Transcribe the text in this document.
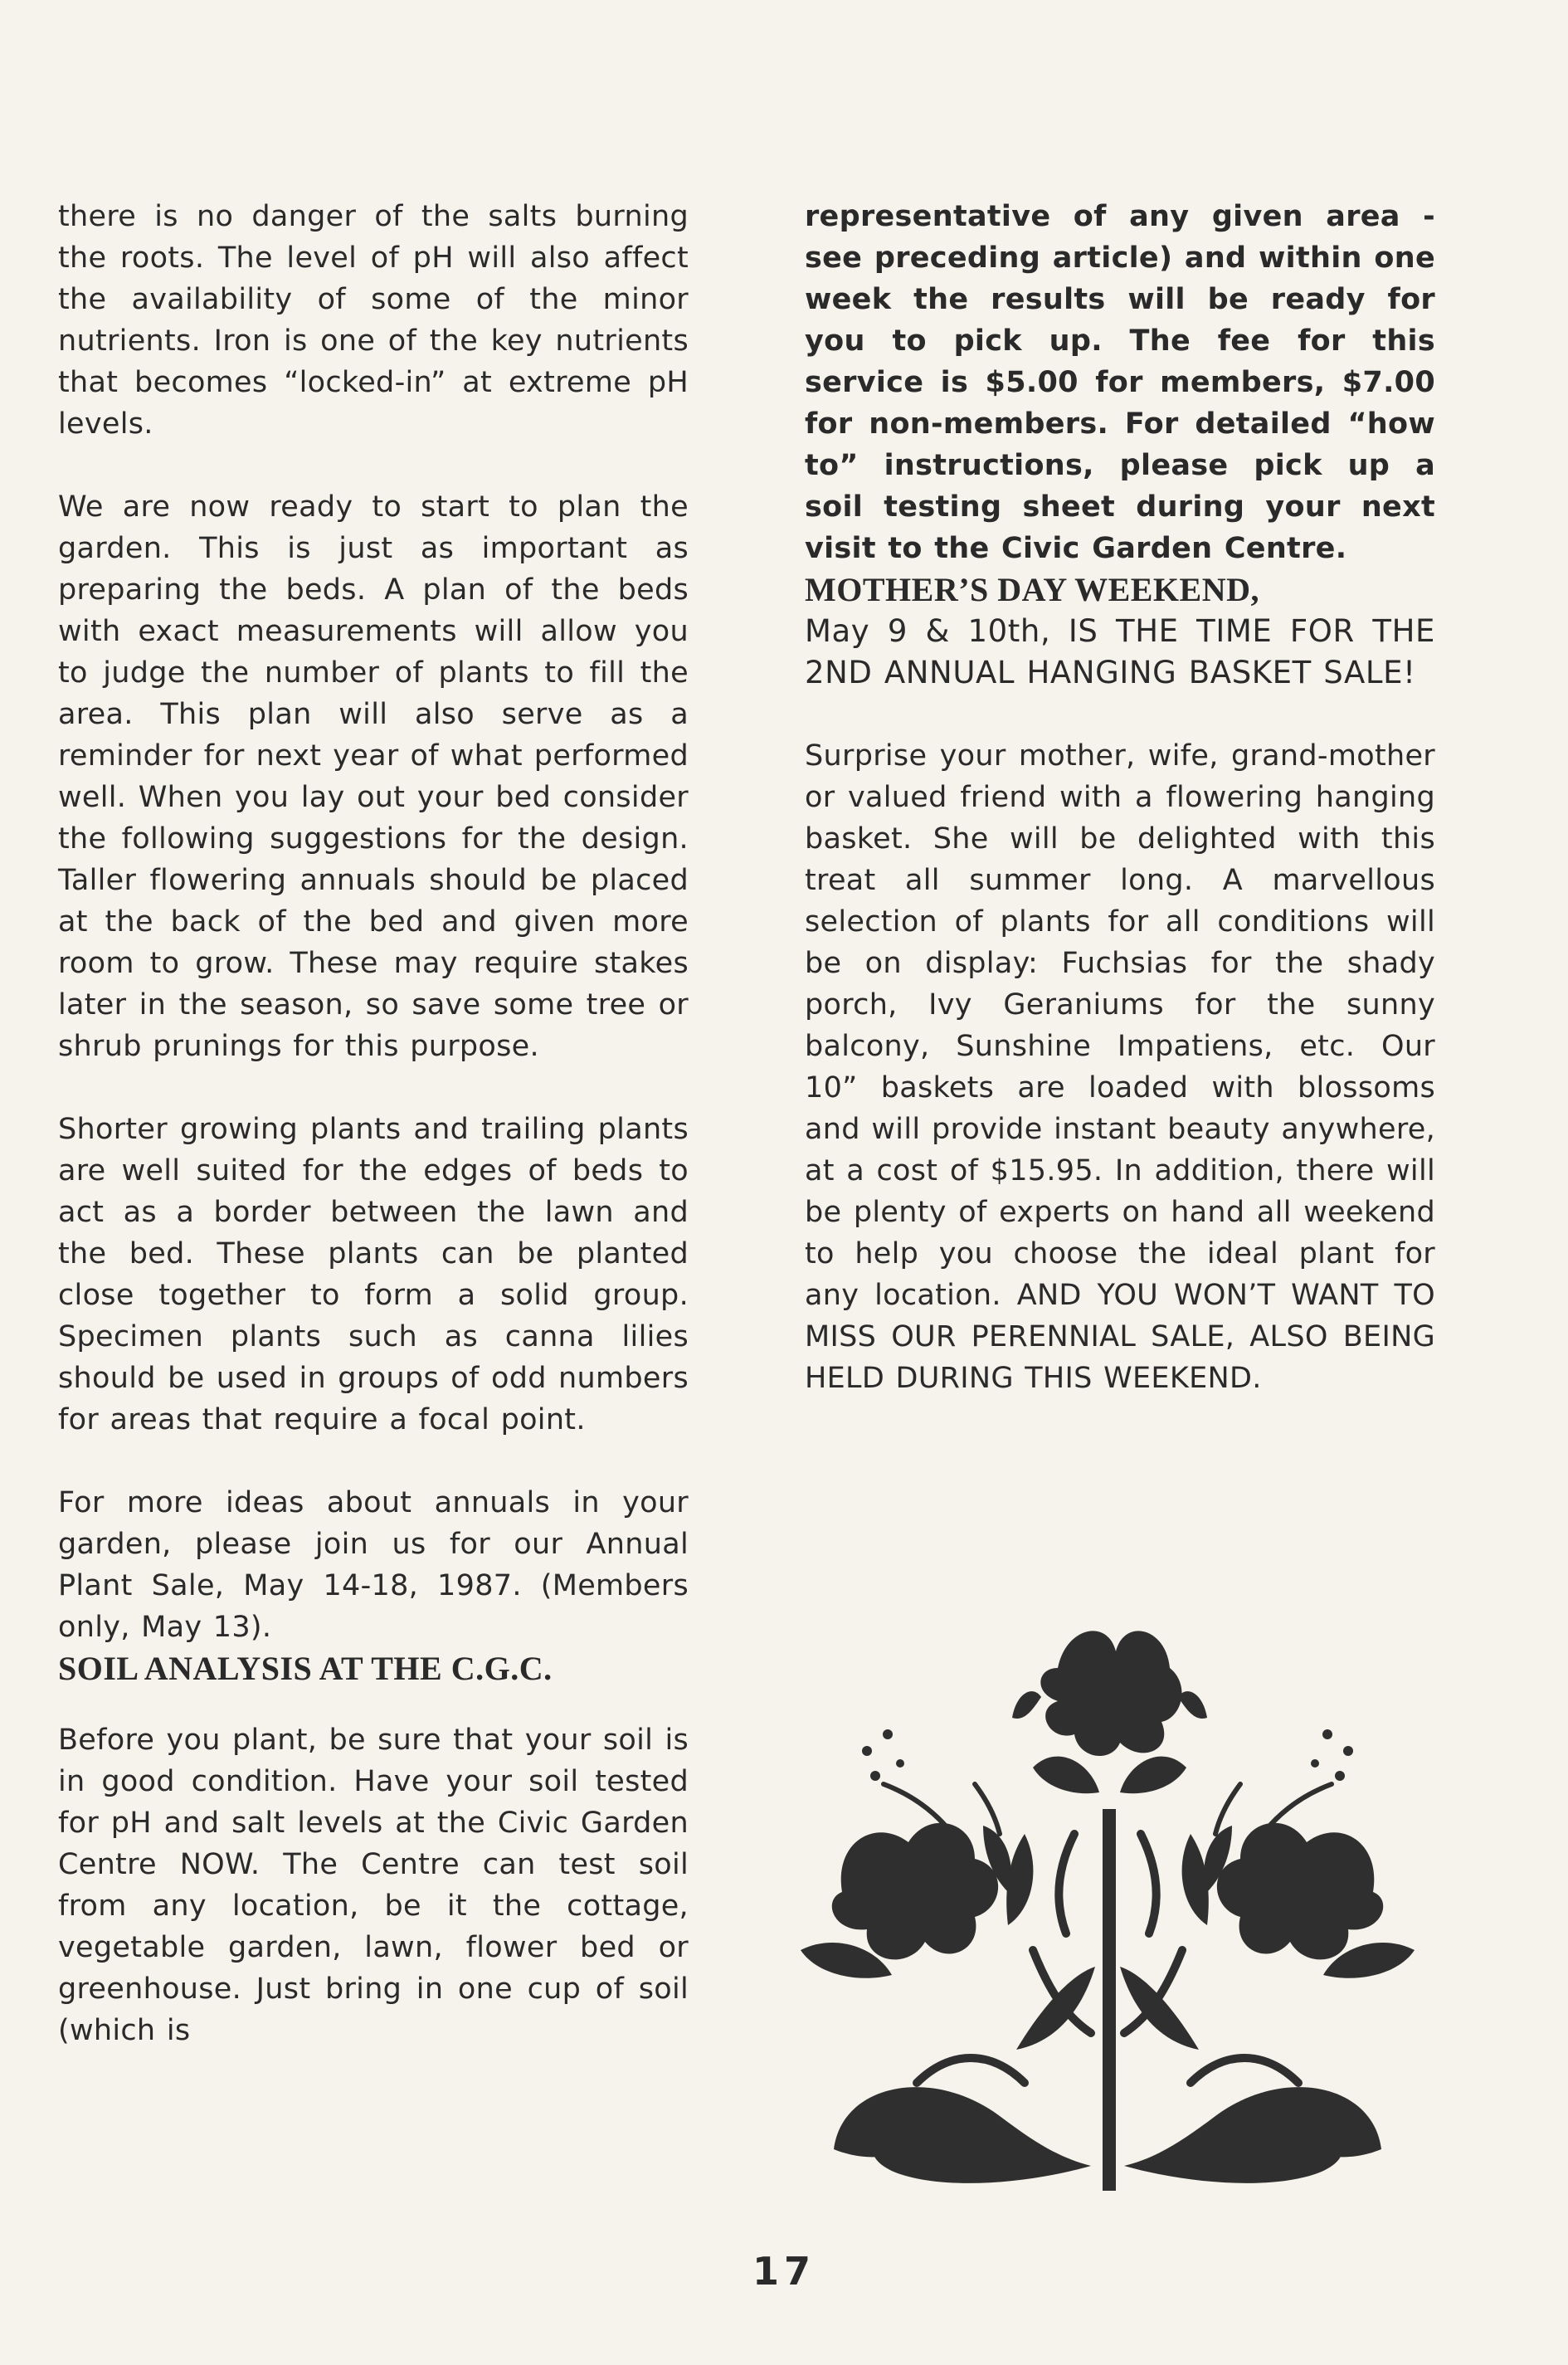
there is no danger of the salts burning the roots. The level of pH will also affect the availability of some of the minor nutrients. Iron is one of the key nutrients that becomes “locked-in” at extreme pH levels.

We are now ready to start to plan the garden. This is just as important as preparing the beds. A plan of the beds with exact measurements will allow you to judge the number of plants to fill the area. This plan will also serve as a reminder for next year of what performed well. When you lay out your bed consider the following suggestions for the design. Taller flowering annuals should be placed at the back of the bed and given more room to grow. These may require stakes later in the season, so save some tree or shrub prunings for this purpose.

Shorter growing plants and trailing plants are well suited for the edges of beds to act as a border between the lawn and the bed. These plants can be planted close together to form a solid group. Specimen plants such as canna lilies should be used in groups of odd numbers for areas that require a focal point.

For more ideas about annuals in your garden, please join us for our Annual Plant Sale, May 14-18, 1987. (Members only, May 13).

SOIL ANALYSIS AT THE C.G.C.

Before you plant, be sure that your soil is in good condition. Have your soil tested for pH and salt levels at the Civic Garden Centre NOW. The Centre can test soil from any location, be it the cottage, vegetable garden, lawn, flower bed or greenhouse. Just bring in one cup of soil (which is

representative of any given area - see preceding article) and within one week the results will be ready for you to pick up. The fee for this service is $5.00 for members, $7.00 for non-members. For detailed “how to” instructions, please pick up a soil testing sheet during your next visit to the Civic Garden Centre.

MOTHER’S DAY WEEKEND,

May 9 & 10th, IS THE TIME FOR THE 2ND ANNUAL HANGING BASKET SALE!

Surprise your mother, wife, grand-mother or valued friend with a flowering hanging basket. She will be delighted with this treat all summer long. A marvellous selection of plants for all conditions will be on display: Fuchsias for the shady porch, Ivy Geraniums for the sunny balcony, Sunshine Impatiens, etc. Our 10” baskets are loaded with blossoms and will provide instant beauty anywhere, at a cost of $15.95. In addition, there will be plenty of experts on hand all weekend to help you choose the ideal plant for any location. AND YOU WON’T WANT TO MISS OUR PERENNIAL SALE, ALSO BEING HELD DURING THIS WEEKEND.

17
